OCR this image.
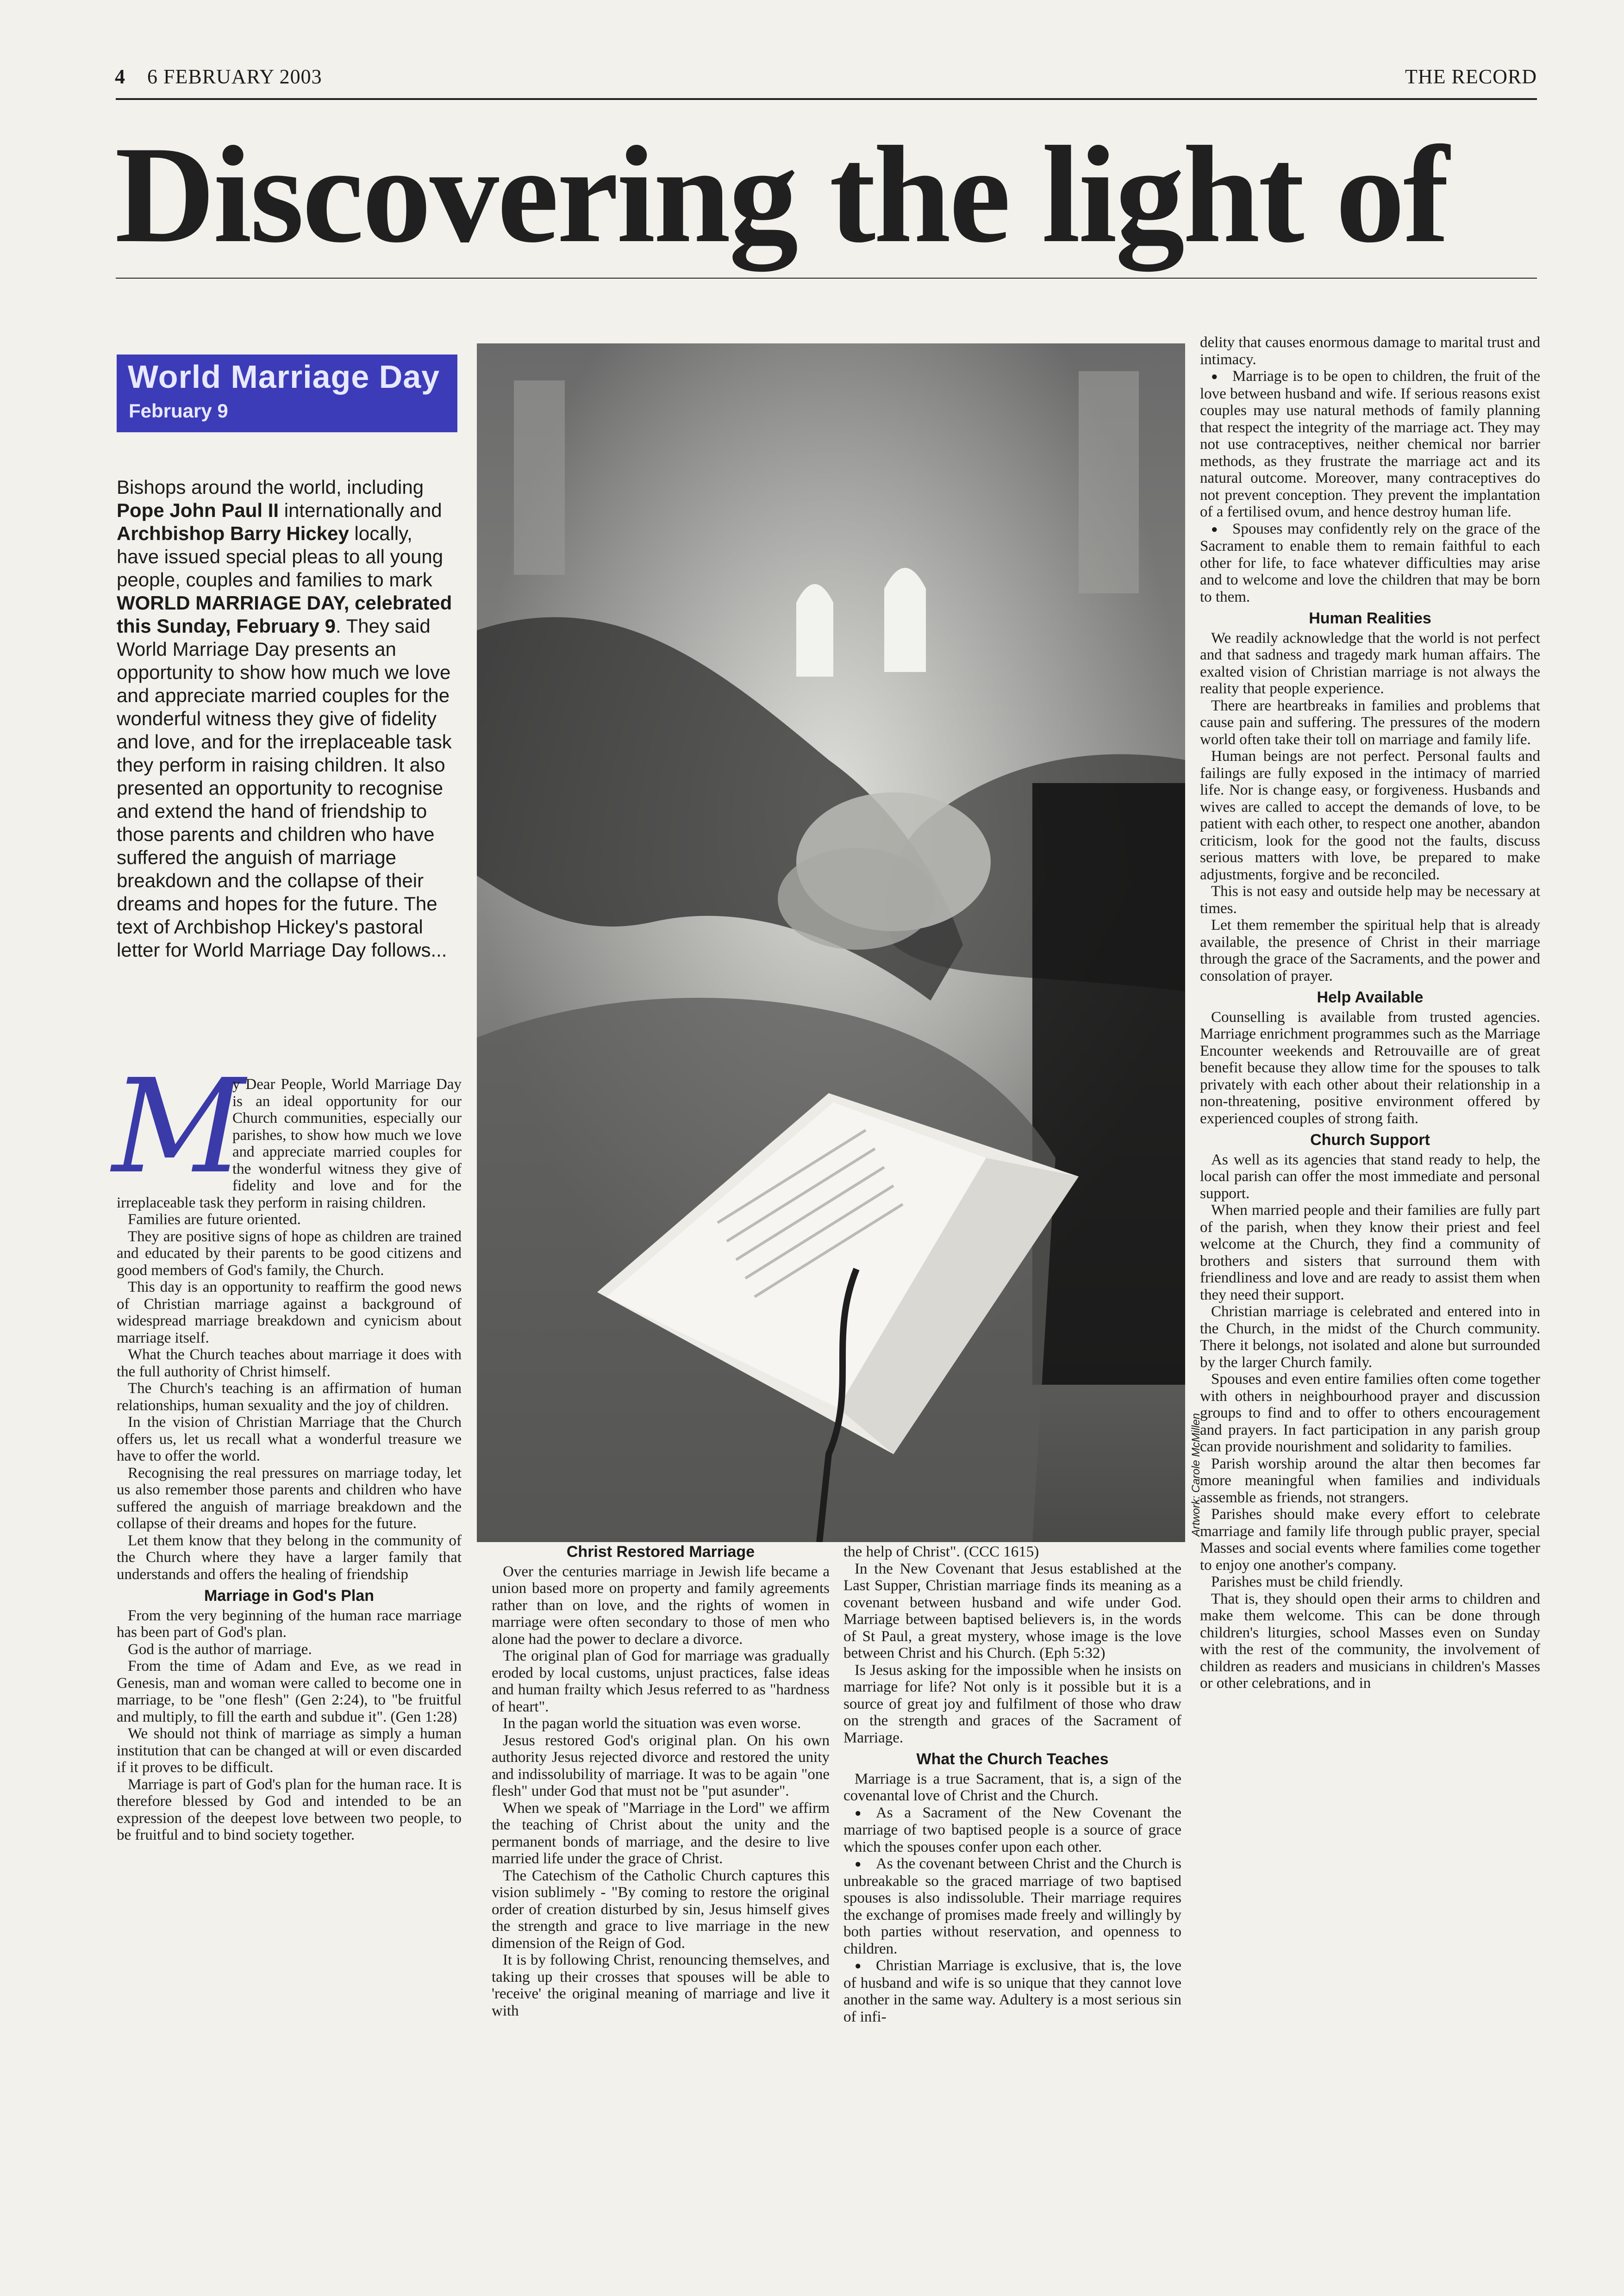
4 6 FEBRUARY 2003	THE RECORD
Discovering the light of
World Marriage Day
February 9
Bishops around the world, including Pope John Paul II internationally and Archbishop Barry Hickey locally, have issued special pleas to all young people, couples and families to mark WORLD MARRIAGE DAY, celebrated this Sunday, February 9. They said World Marriage Day presents an opportunity to show how much we love and appreciate married couples for the wonderful witness they give of fidelity and love, and for the irreplaceable task they perform in raising children. It also presented an opportunity to recognise and extend the hand of friendship to those parents and children who have suffered the anguish of marriage breakdown and the collapse of their dreams and hopes for the future. The text of Archbishop Hickey's pastoral letter for World Marriage Day follows...
Artwork: Carole McMillen
M

y Dear People, World Marriage Day is an ideal opportunity for our Church communities, especially our parishes, to show how much we love and appreciate married couples for the wonderful witness they give of fidelity and love and for the irreplaceable task they perform in raising children.

Families are future oriented.

They are positive signs of hope as children are trained and educated by their parents to be good citizens and good members of God's family, the Church.

This day is an opportunity to reaffirm the good news of Christian marriage against a background of widespread marriage breakdown and cynicism about marriage itself.

What the Church teaches about marriage it does with the full authority of Christ himself.

The Church's teaching is an affirmation of human relationships, human sexuality and the joy of children.

In the vision of Christian Marriage that the Church offers us, let us recall what a wonderful treasure we have to offer the world.

Recognising the real pressures on marriage today, let us also remember those parents and children who have suffered the anguish of marriage breakdown and the collapse of their dreams and hopes for the future.

Let them know that they belong in the community of the Church where they have a larger family that understands and offers the healing of friendship

Marriage in God's Plan

From the very beginning of the human race marriage has been part of God's plan.

God is the author of marriage.

From the time of Adam and Eve, as we read in Genesis, man and woman were called to become one in marriage, to be "one flesh" (Gen 2:24), to "be fruitful and multiply, to fill the earth and subdue it". (Gen 1:28)

We should not think of marriage as simply a human institution that can be changed at will or even discarded if it proves to be difficult.

Marriage is part of God's plan for the human race. It is therefore blessed by God and intended to be an expression of the deepest love between two people, to be fruitful and to bind society together.

Christ Restored Marriage

Over the centuries marriage in Jewish life became a union based more on property and family agreements rather than on love, and the rights of women in marriage were often secondary to those of men who alone had the power to declare a divorce.

The original plan of God for marriage was gradually eroded by local customs, unjust practices, false ideas and human frailty which Jesus referred to as "hardness of heart".

In the pagan world the situation was even worse.

Jesus restored God's original plan. On his own authority Jesus rejected divorce and restored the unity and indissolubility of marriage. It was to be again "one flesh" under God that must not be "put asunder".

When we speak of "Marriage in the Lord" we affirm the teaching of Christ about the unity and the permanent bonds of marriage, and the desire to live married life under the grace of Christ.

The Catechism of the Catholic Church captures this vision sublimely - "By coming to restore the original order of creation disturbed by sin, Jesus himself gives the strength and grace to live marriage in the new dimension of the Reign of God.

It is by following Christ, renouncing themselves, and taking up their crosses that spouses will be able to 'receive' the original meaning of marriage and live it with

the help of Christ". (CCC 1615)

In the New Covenant that Jesus established at the Last Supper, Christian marriage finds its meaning as a covenant between husband and wife under God. Marriage between baptised believers is, in the words of St Paul, a great mystery, whose image is the love between Christ and his Church. (Eph 5:32)

Is Jesus asking for the impossible when he insists on marriage for life? Not only is it possible but it is a source of great joy and fulfilment of those who draw on the strength and graces of the Sacrament of Marriage.

What the Church Teaches

Marriage is a true Sacrament, that is, a sign of the covenantal love of Christ and the Church.

● As a Sacrament of the New Covenant the marriage of two baptised people is a source of grace which the spouses confer upon each other.
● As the covenant between Christ and the Church is unbreakable so the graced marriage of two baptised spouses is also indissoluble. Their marriage requires the exchange of promises made freely and willingly by both parties without reservation, and openness to children.
● Christian Marriage is exclusive, that is, the love of husband and wife is so unique that they cannot love another in the same way. Adultery is a most serious sin of infi-

delity that causes enormous damage to marital trust and intimacy.

● Marriage is to be open to children, the fruit of the love between husband and wife. If serious reasons exist couples may use natural methods of family planning that respect the integrity of the marriage act. They may not use contraceptives, neither chemical nor barrier methods, as they frustrate the marriage act and its natural outcome. Moreover, many contraceptives do not prevent conception. They prevent the implantation of a fertilised ovum, and hence destroy human life.
● Spouses may confidently rely on the grace of the Sacrament to enable them to remain faithful to each other for life, to face whatever difficulties may arise and to welcome and love the children that may be born to them.
Human Realities

We readily acknowledge that the world is not perfect and that sadness and tragedy mark human affairs. The exalted vision of Christian marriage is not always the reality that people experience.

There are heartbreaks in families and problems that cause pain and suffering. The pressures of the modern world often take their toll on marriage and family life.

Human beings are not perfect. Personal faults and failings are fully exposed in the intimacy of married life. Nor is change easy, or forgiveness. Husbands and wives are called to accept the demands of love, to be patient with each other, to respect one another, abandon criticism, look for the good not the faults, discuss serious matters with love, be prepared to make adjustments, forgive and be reconciled.

This is not easy and outside help may be necessary at times.

Let them remember the spiritual help that is already available, the presence of Christ in their marriage through the grace of the Sacraments, and the power and consolation of prayer.

Help Available

Counselling is available from trusted agencies. Marriage enrichment programmes such as the Marriage Encounter weekends and Retrouvaille are of great benefit because they allow time for the spouses to talk privately with each other about their relationship in a non-threatening, positive environment offered by experienced couples of strong faith.

Church Support

As well as its agencies that stand ready to help, the local parish can offer the most immediate and personal support.

When married people and their families are fully part of the parish, when they know their priest and feel welcome at the Church, they find a community of brothers and sisters that surround them with friendliness and love and are ready to assist them when they need their support.

Christian marriage is celebrated and entered into in the Church, in the midst of the Church community. There it belongs, not isolated and alone but surrounded by the larger Church family.

Spouses and even entire families often come together with others in neighbourhood prayer and discussion groups to find and to offer to others encouragement and prayers. In fact participation in any parish group can provide nourishment and solidarity to families.

Parish worship around the altar then becomes far more meaningful when families and individuals assemble as friends, not strangers.

Parishes should make every effort to celebrate marriage and family life through public prayer, special Masses and social events where families come together to enjoy one another's company.

Parishes must be child friendly.

That is, they should open their arms to children and make them welcome. This can be done through children's liturgies, school Masses even on Sunday with the rest of the community, the involvement of children as readers and musicians in children's Masses or other celebrations, and in
